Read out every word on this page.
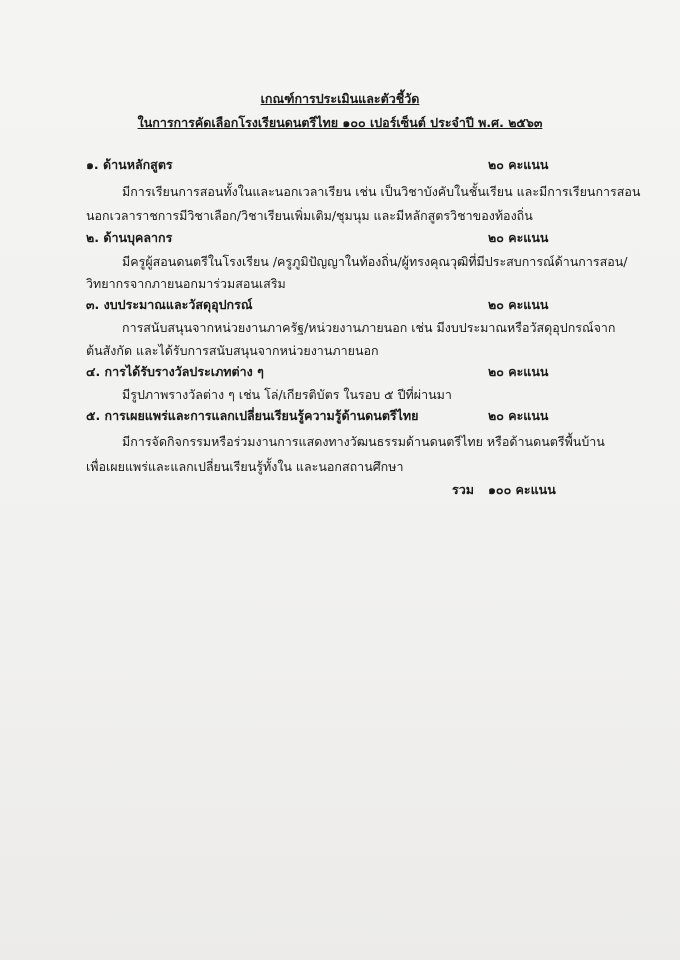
เกณฑ์การประเมินและตัวชี้วัด
ในการการคัดเลือกโรงเรียนดนตรีไทย ๑๐๐ เปอร์เซ็นต์ ประจำปี พ.ศ. ๒๕๖๓
๑. ด้านหลักสูตร	๒๐ คะแนน
มีการเรียนการสอนทั้งในและนอกเวลาเรียน เช่น เป็นวิชาบังคับในชั้นเรียน และมีการเรียนการสอน
นอกเวลาราชการมีวิชาเลือก/วิชาเรียนเพิ่มเติม/ชุมนุม และมีหลักสูตรวิชาของท้องถิ่น
๒. ด้านบุคลากร	๒๐ คะแนน
มีครูผู้สอนดนตรีในโรงเรียน /ครูภูมิปัญญาในท้องถิ่น/ผู้ทรงคุณวุฒิที่มีประสบการณ์ด้านการสอน/
วิทยากรจากภายนอกมาร่วมสอนเสริม
๓. งบประมาณและวัสดุอุปกรณ์	๒๐ คะแนน
การสนับสนุนจากหน่วยงานภาครัฐ/หน่วยงานภายนอก เช่น มีงบประมาณหรือวัสดุอุปกรณ์จาก
ต้นสังกัด และได้รับการสนับสนุนจากหน่วยงานภายนอก
๔. การได้รับรางวัลประเภทต่าง ๆ	๒๐ คะแนน
มีรูปภาพรางวัลต่าง ๆ เช่น โล่/เกียรติบัตร ในรอบ ๕ ปีที่ผ่านมา
๕. การเผยแพร่และการแลกเปลี่ยนเรียนรู้ความรู้ด้านดนตรีไทย	๒๐ คะแนน
มีการจัดกิจกรรมหรือร่วมงานการแสดงทางวัฒนธรรมด้านดนตรีไทย หรือด้านดนตรีพื้นบ้าน
เพื่อเผยแพร่และแลกเปลี่ยนเรียนรู้ทั้งใน และนอกสถานศึกษา
รวม ๑๐๐ คะแนน
